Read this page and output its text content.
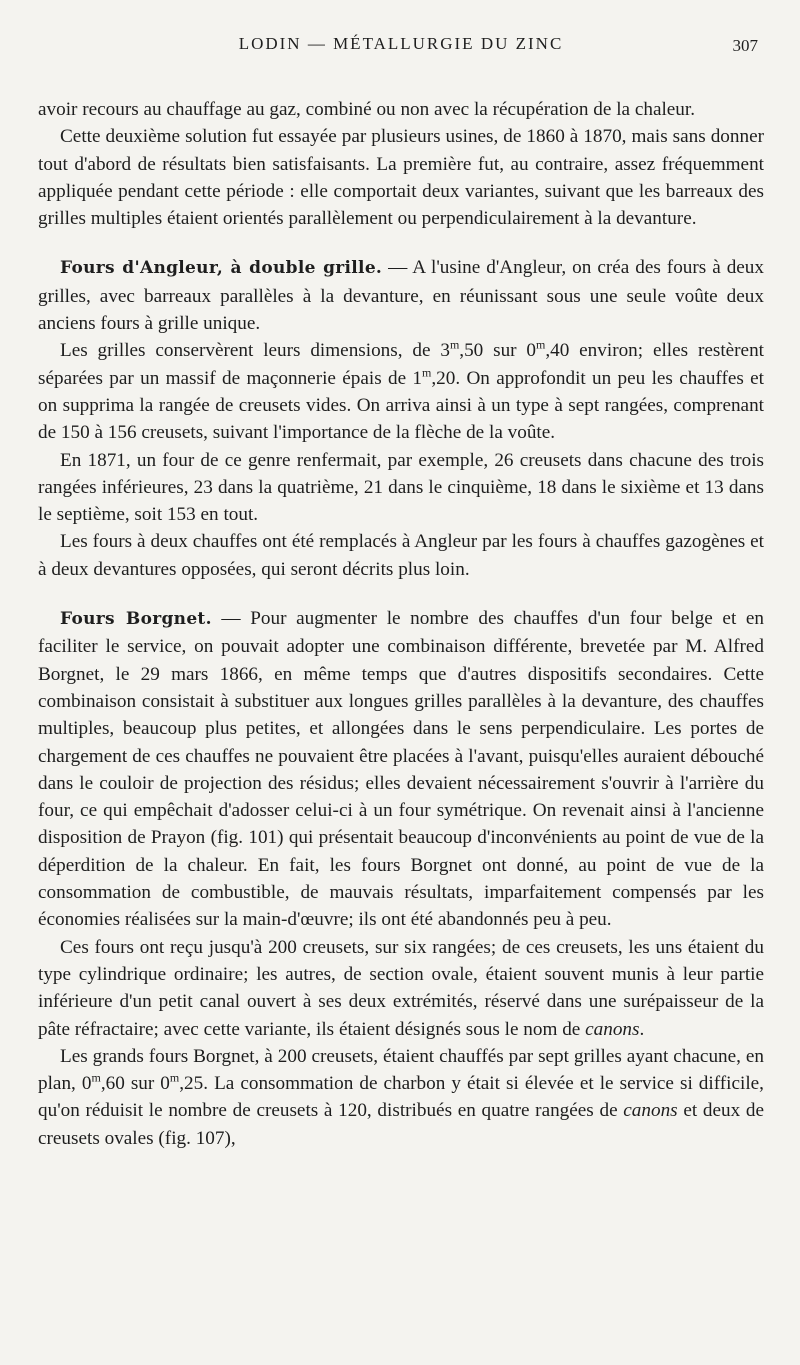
LODIN — MÉTALLURGIE DU ZINC	307

avoir recours au chauffage au gaz, combiné ou non avec la récupération de la chaleur.

Cette deuxième solution fut essayée par plusieurs usines, de 1860 à 1870, mais sans donner tout d'abord de résultats bien satisfaisants. La première fut, au contraire, assez fréquemment appliquée pendant cette période : elle comportait deux variantes, suivant que les barreaux des grilles multiples étaient orientés parallèlement ou perpendiculairement à la devanture.

Fours d'Angleur, à double grille. — A l'usine d'Angleur, on créa des fours à deux grilles, avec barreaux parallèles à la devanture, en réunissant sous une seule voûte deux anciens fours à grille unique.

Les grilles conservèrent leurs dimensions, de 3$^m$,50 sur 0$^m$,40 environ; elles restèrent séparées par un massif de maçonnerie épais de 1$^m$,20. On approfondit un peu les chauffes et on supprima la rangée de creusets vides. On arriva ainsi à un type à sept rangées, comprenant de 150 à 156 creusets, suivant l'importance de la flèche de la voûte.

En 1871, un four de ce genre renfermait, par exemple, 26 creusets dans chacune des trois rangées inférieures, 23 dans la quatrième, 21 dans le cinquième, 18 dans le sixième et 13 dans le septième, soit 153 en tout.

Les fours à deux chauffes ont été remplacés à Angleur par les fours à chauffes gazogènes et à deux devantures opposées, qui seront décrits plus loin.

Fours Borgnet. — Pour augmenter le nombre des chauffes d'un four belge et en faciliter le service, on pouvait adopter une combinaison différente, brevetée par M. Alfred Borgnet, le 29 mars 1866, en même temps que d'autres dispositifs secondaires. Cette combinaison consistait à substituer aux longues grilles parallèles à la devanture, des chauffes multiples, beaucoup plus petites, et allongées dans le sens perpendiculaire. Les portes de chargement de ces chauffes ne pouvaient être placées à l'avant, puisqu'elles auraient débouché dans le couloir de projection des résidus; elles devaient nécessairement s'ouvrir à l'arrière du four, ce qui empêchait d'adosser celui-ci à un four symétrique. On revenait ainsi à l'ancienne disposition de Prayon (fig. 101) qui présentait beaucoup d'inconvénients au point de vue de la déperdition de la chaleur. En fait, les fours Borgnet ont donné, au point de vue de la consommation de combustible, de mauvais résultats, imparfaitement compensés par les économies réalisées sur la main-d'œuvre; ils ont été abandonnés peu à peu.

Ces fours ont reçu jusqu'à 200 creusets, sur six rangées; de ces creusets, les uns étaient du type cylindrique ordinaire; les autres, de section ovale, étaient souvent munis à leur partie inférieure d'un petit canal ouvert à ses deux extrémités, réservé dans une surépaisseur de la pâte réfractaire; avec cette variante, ils étaient désignés sous le nom de canons.

Les grands fours Borgnet, à 200 creusets, étaient chauffés par sept grilles ayant chacune, en plan, 0$^m$,60 sur 0$^m$,25. La consommation de charbon y était si élevée et le service si difficile, qu'on réduisit le nombre de creusets à 120, distribués en quatre rangées de canons et deux de creusets ovales (fig. 107),
